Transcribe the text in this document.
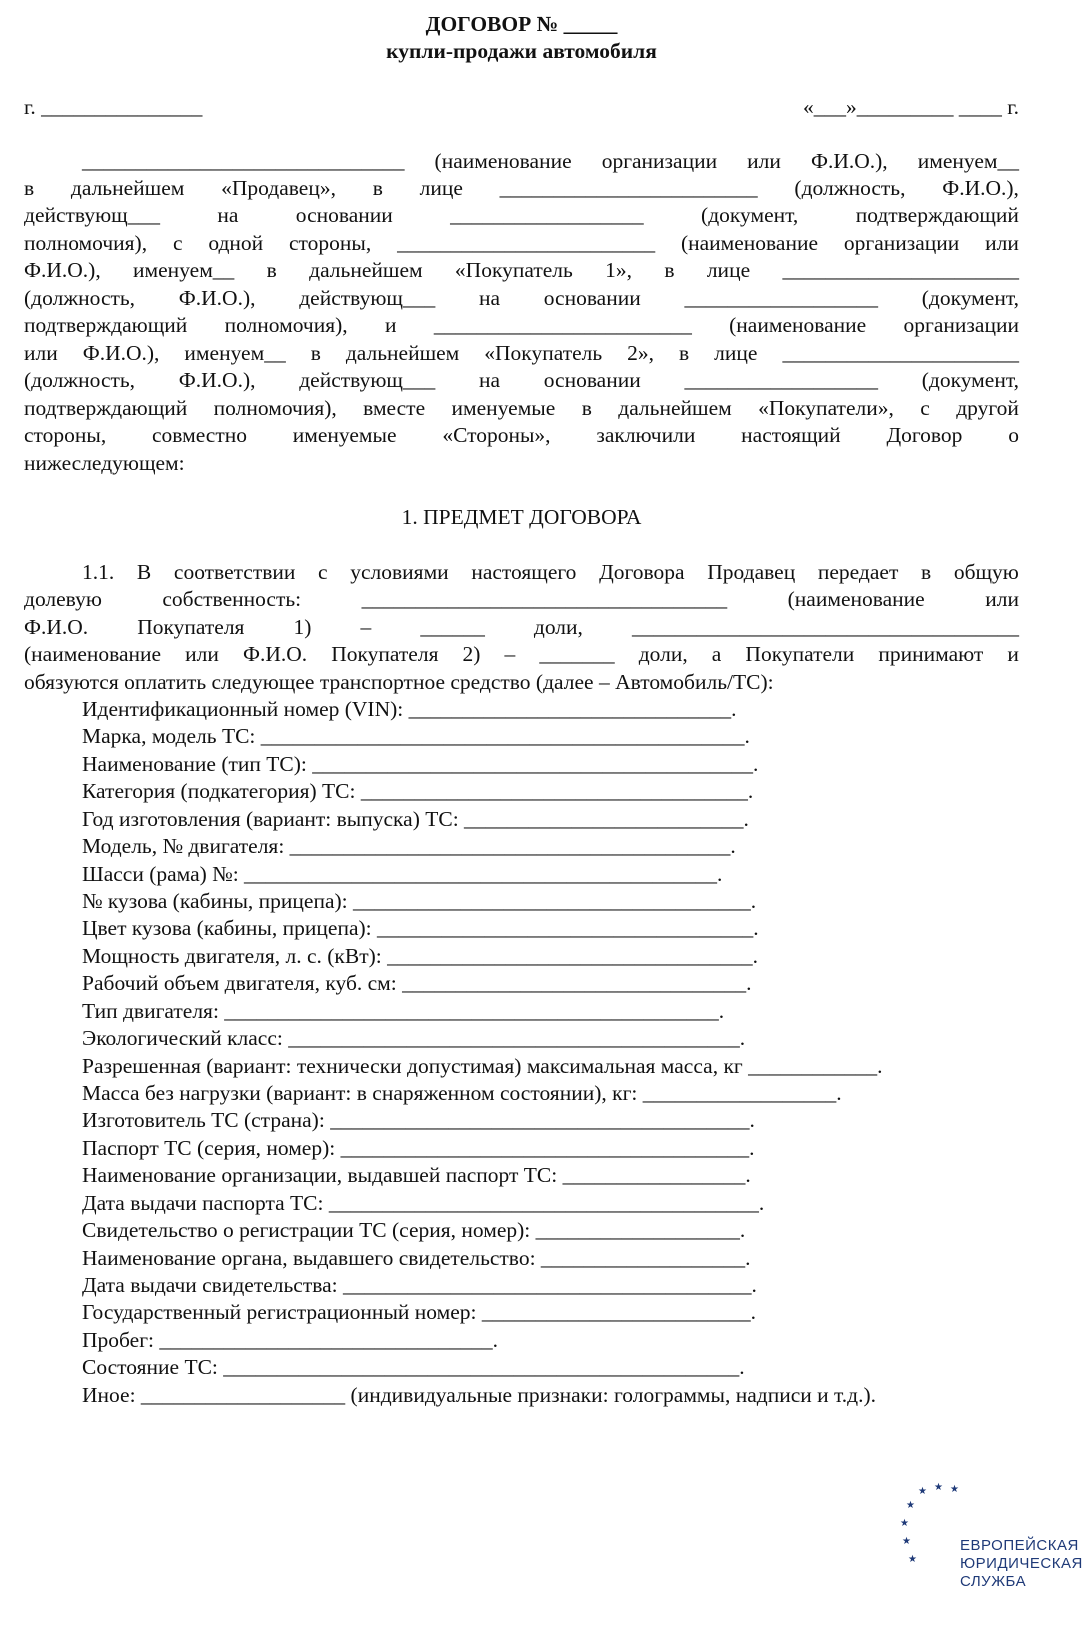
ДОГОВОР № _____
купли-продажи автомобиля
г. _______________	«___»_________ ____ г.
______________________________ (наименование организации или Ф.И.О.), именуем__
в дальнейшем «Продавец», в лице ________________________ (должность, Ф.И.О.),
действующ___	на	основании	__________________	(документ,	подтверждающий
полномочия), с одной стороны, ________________________ (наименование организации или
Ф.И.О.), именуем__ в дальнейшем «Покупатель 1», в лице ______________________
(должность, Ф.И.О.), действующ___ на основании __________________ (документ,
подтверждающий полномочия), и ________________________ (наименование организации
или Ф.И.О.), именуем__ в дальнейшем «Покупатель 2», в лице ______________________
(должность, Ф.И.О.), действующ___ на основании __________________ (документ,
подтверждающий полномочия), вместе именуемые в дальнейшем «Покупатели», с другой
стороны, совместно именуемые «Стороны», заключили настоящий Договор о
нижеследующем:
1. ПРЕДМЕТ ДОГОВОРА
1.1. В соответствии с условиями настоящего Договора Продавец передает в общую
долевую	собственность:	__________________________________	(наименование	или
Ф.И.О. Покупателя 1) – ______ доли, ____________________________________
(наименование или Ф.И.О. Покупателя 2) – _______ доли, а Покупатели принимают и
обязуются оплатить следующее транспортное средство (далее – Автомобиль/ТС):
Идентификационный номер (VIN): ______________________________.
Марка, модель ТС: _____________________________________________.
Наименование (тип ТС): _________________________________________.
Категория (подкатегория) ТС: ____________________________________.
Год изготовления (вариант: выпуска) ТС: __________________________.
Модель, № двигателя: _________________________________________.
Шасси (рама) №: ____________________________________________.
№ кузова (кабины, прицепа): _____________________________________.
Цвет кузова (кабины, прицепа): ___________________________________.
Мощность двигателя, л. с. (кВт): __________________________________.
Рабочий объем двигателя, куб. см: ________________________________.
Тип двигателя: ______________________________________________.
Экологический класс: __________________________________________.
Разрешенная (вариант: технически допустимая) максимальная масса, кг ____________.
Масса без нагрузки (вариант: в снаряженном состоянии), кг: __________________.
Изготовитель ТС (страна): _______________________________________.
Паспорт ТС (серия, номер): ______________________________________.
Наименование организации, выдавшей паспорт ТС: _________________.
Дата выдачи паспорта ТС: ________________________________________.
Свидетельство о регистрации ТС (серия, номер): ___________________.
Наименование органа, выдавшего свидетельство: ___________________.
Дата выдачи свидетельства: ______________________________________.
Государственный регистрационный номер: _________________________.
Пробег: _______________________________.
Состояние ТС: ________________________________________________.
Иное: ___________________ (индивидуальные признаки: голограммы, надписи и т.д.).
★ ★ ★
★
★
★
★
ЕВРОПЕЙСКАЯ
ЮРИДИЧЕСКАЯ
СЛУЖБА
